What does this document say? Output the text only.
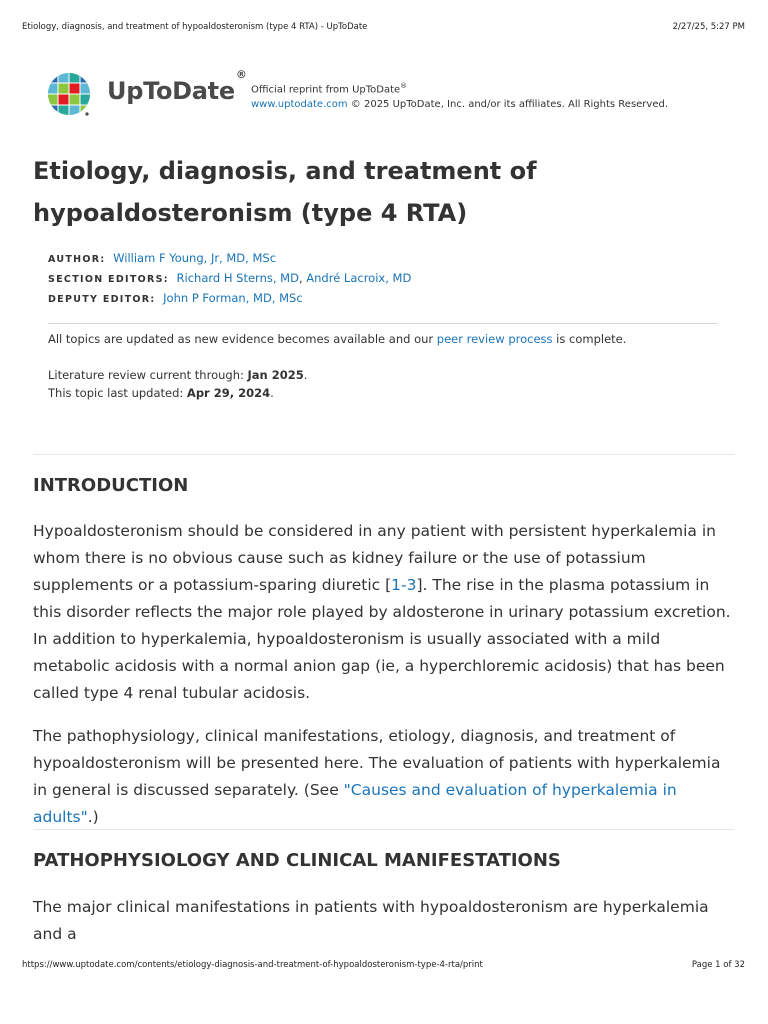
Etiology, diagnosis, and treatment of hypoaldosteronism (type 4 RTA) - UpToDate	2/27/25, 5:27 PM
UpToDate®
Official reprint from UpToDate®
www.uptodate.com © 2025 UpToDate, Inc. and/or its affiliates. All Rights Reserved.
Etiology, diagnosis, and treatment of hypoaldosteronism (type 4 RTA)
AUTHOR: William F Young, Jr, MD, MSc
SECTION EDITORS: Richard H Sterns, MD, André Lacroix, MD
DEPUTY EDITOR: John P Forman, MD, MSc
All topics are updated as new evidence becomes available and our peer review process is complete.
Literature review current through: Jan 2025.
This topic last updated: Apr 29, 2024.
INTRODUCTION

Hypoaldosteronism should be considered in any patient with persistent hyperkalemia in whom there is no obvious cause such as kidney failure or the use of potassium supplements or a potassium-sparing diuretic [1-3]. The rise in the plasma potassium in this disorder reflects the major role played by aldosterone in urinary potassium excretion. In addition to hyperkalemia, hypoaldosteronism is usually associated with a mild metabolic acidosis with a normal anion gap (ie, a hyperchloremic acidosis) that has been called type 4 renal tubular acidosis.

The pathophysiology, clinical manifestations, etiology, diagnosis, and treatment of hypoaldosteronism will be presented here. The evaluation of patients with hyperkalemia in general is discussed separately. (See "Causes and evaluation of hyperkalemia in adults".)

PATHOPHYSIOLOGY AND CLINICAL MANIFESTATIONS

The major clinical manifestations in patients with hypoaldosteronism are hyperkalemia and a

https://www.uptodate.com/contents/etiology-diagnosis-and-treatment-of-hypoaldosteronism-type-4-rta/print	Page 1 of 32
